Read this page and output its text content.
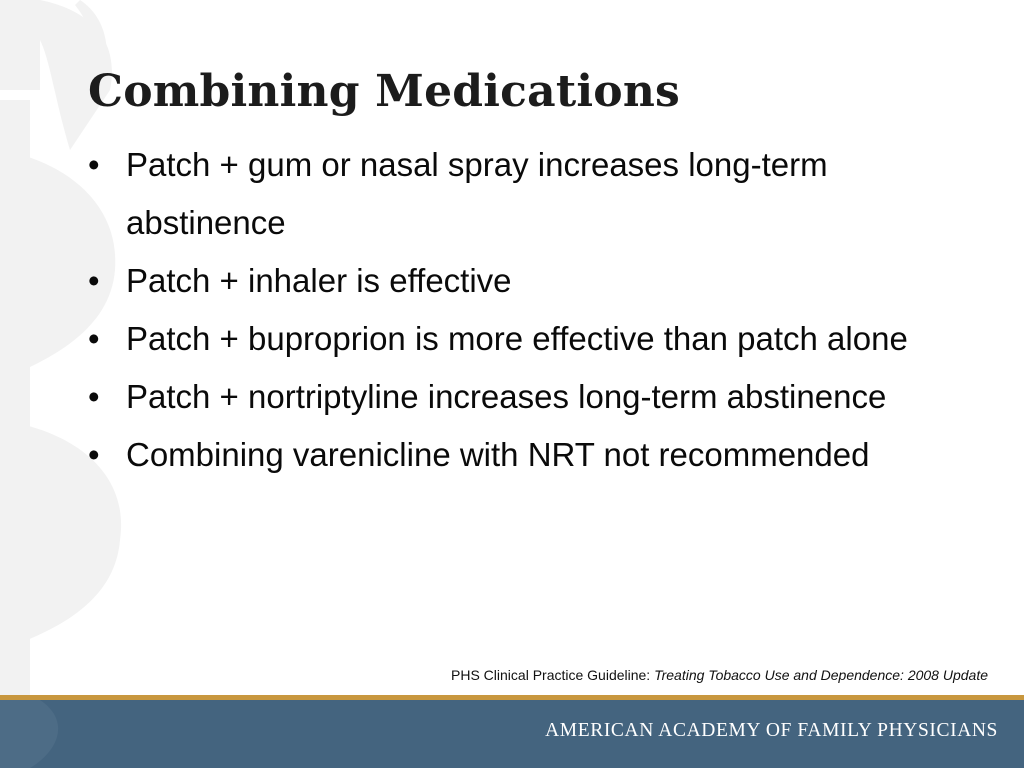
Combining Medications
• Patch + gum or nasal spray increases long-term abstinence
• Patch + inhaler is effective
• Patch + buproprion is more effective than patch alone
• Patch + nortriptyline increases long-term abstinence
• Combining varenicline with NRT not recommended
PHS Clinical Practice Guideline: Treating Tobacco Use and Dependence: 2008 Update
AMERICAN ACADEMY OF FAMILY PHYSICIANS
